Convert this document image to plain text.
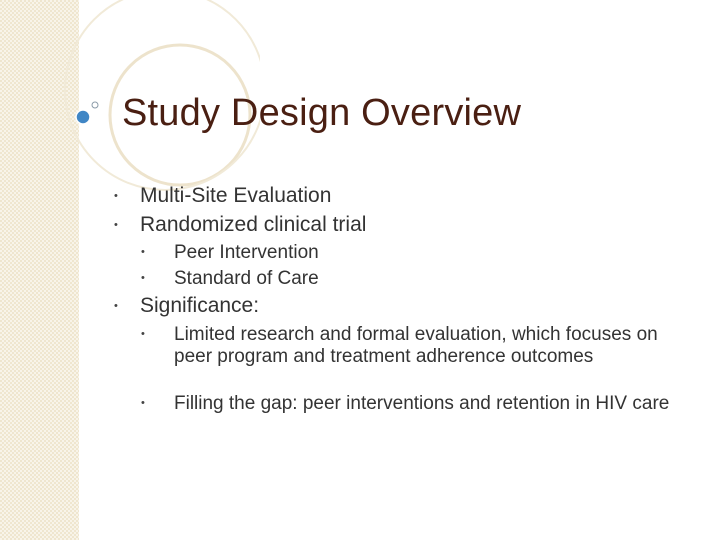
Study Design Overview
• Multi-Site Evaluation
• Randomized clinical trial
• Peer Intervention
• Standard of Care
• Significance:
• Limited research and formal evaluation, which focuses on peer program and treatment adherence outcomes
• Filling the gap: peer interventions and retention in HIV care
